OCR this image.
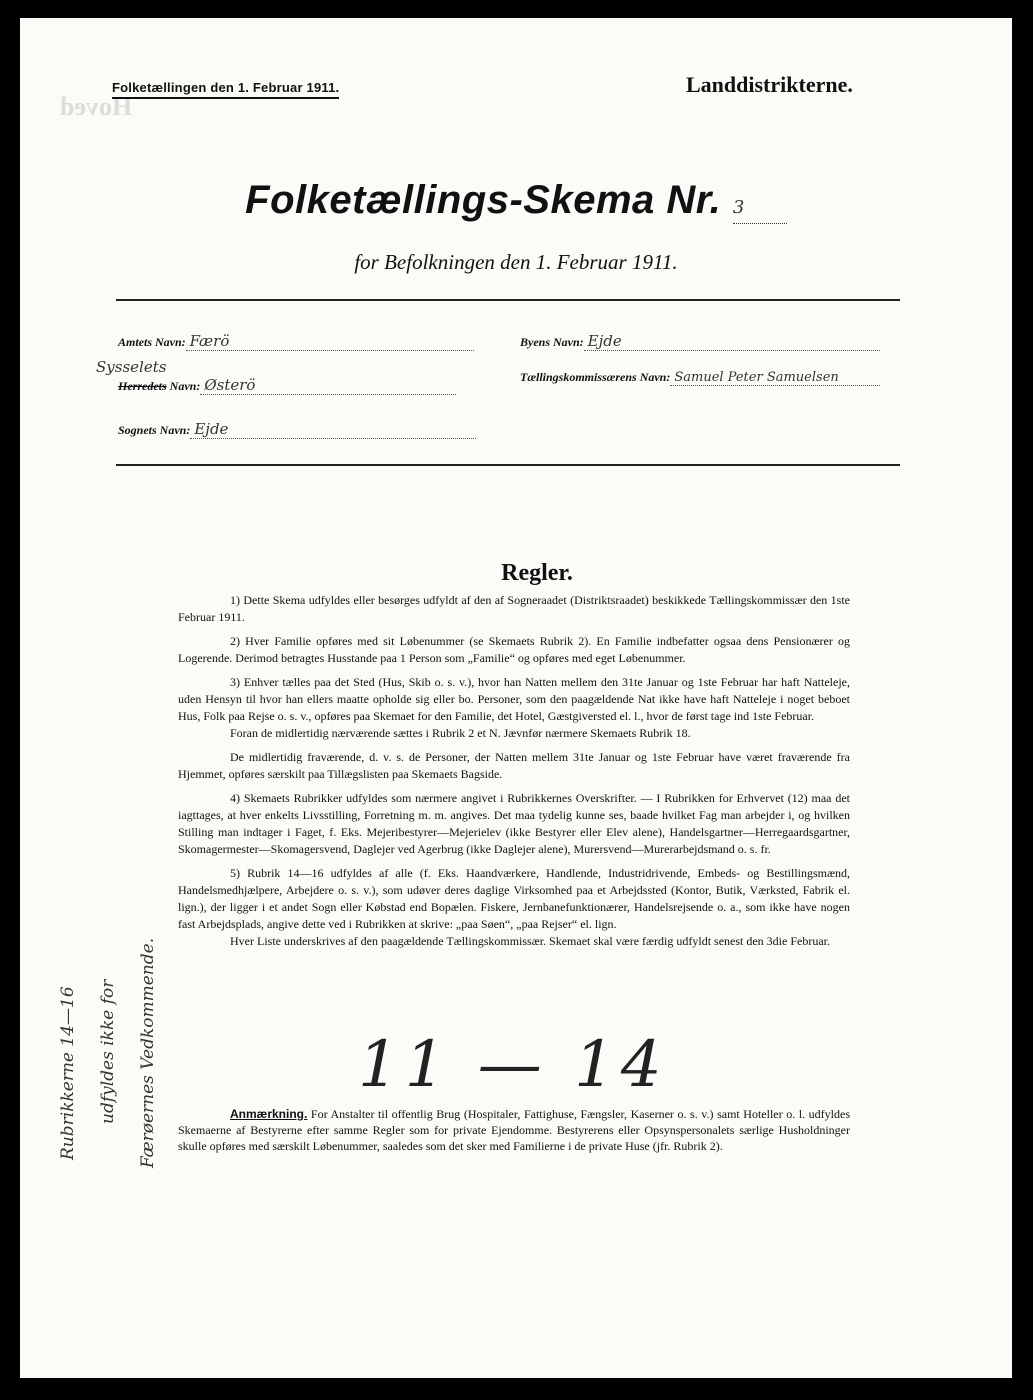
Hoved
Folketællingen den 1. Februar 1911.	Landdistrikterne.
Folketællings-Skema Nr. 3
for Befolkningen den 1. Februar 1911.
Amtets Navn: Færö
Sysselets
Herredets Navn: Østerö
Sognets Navn: Ejde
Byens Navn: Ejde
Tællingskommissærens Navn: Samuel Peter Samuelsen
Regler.

1) Dette Skema udfyldes eller besørges udfyldt af den af Sogneraadet (Distriktsraadet) beskikkede Tællingskommissær den 1ste Februar 1911.

2) Hver Familie opføres med sit Løbenummer (se Skemaets Rubrik 2). En Familie indbefatter ogsaa dens Pensionærer og Logerende. Derimod betragtes Husstande paa 1 Person som „Familie“ og opføres med eget Løbenummer.

3) Enhver tælles paa det Sted (Hus, Skib o. s. v.), hvor han Natten mellem den 31te Januar og 1ste Februar har haft Natteleje, uden Hensyn til hvor han ellers maatte opholde sig eller bo. Personer, som den paagældende Nat ikke have haft Natteleje i noget beboet Hus, Folk paa Rejse o. s. v., opføres paa Skemaet for den Familie, det Hotel, Gæstgiversted el. l., hvor de først tage ind 1ste Februar.

Foran de midlertidig nærværende sættes i Rubrik 2 et N. Jævnfør nærmere Skemaets Rubrik 18.

De midlertidig fraværende, d. v. s. de Personer, der Natten mellem 31te Januar og 1ste Februar have været fraværende fra Hjemmet, opføres særskilt paa Tillægslisten paa Skemaets Bagside.

4) Skemaets Rubrikker udfyldes som nærmere angivet i Rubrikkernes Overskrifter. — I Rubrikken for Erhvervet (12) maa det iagttages, at hver enkelts Livsstilling, Forretning m. m. angives. Det maa tydelig kunne ses, baade hvilket Fag man arbejder i, og hvilken Stilling man indtager i Faget, f. Eks. Mejeribestyrer—Mejerielev (ikke Bestyrer eller Elev alene), Handelsgartner—Herregaardsgartner, Skomagermester—Skomagersvend, Daglejer ved Agerbrug (ikke Daglejer alene), Murersvend—Murerarbejdsmand o. s. fr.

5) Rubrik 14—16 udfyldes af alle (f. Eks. Haandværkere, Handlende, Industridrivende, Embeds- og Bestillingsmænd, Handelsmedhjælpere, Arbejdere o. s. v.), som udøver deres daglige Virksomhed paa et Arbejdssted (Kontor, Butik, Værksted, Fabrik el. lign.), der ligger i et andet Sogn eller Købstad end Bopælen. Fiskere, Jernbanefunktionærer, Handelsrejsende o. a., som ikke have nogen fast Arbejdsplads, angive dette ved i Rubrikken at skrive: „paa Søen“, „paa Rejser“ el. lign.

Hver Liste underskrives af den paagældende Tællingskommissær. Skemaet skal være færdig udfyldt senest den 3die Februar.

Anmærkning. For Anstalter til offentlig Brug (Hospitaler, Fattighuse, Fængsler, Kaserner o. s. v.) samt Hoteller o. l. udfyldes Skemaerne af Bestyrerne efter samme Regler som for private Ejendomme. Bestyrerens eller Opsynspersonalets særlige Husholdninger skulle opføres med særskilt Løbenummer, saaledes som det sker med Familierne i de private Huse (jfr. Rubrik 2).
11 — 14
Rubrikkerne 14—16 udfyldes ikke for Færøernes Vedkommende.
